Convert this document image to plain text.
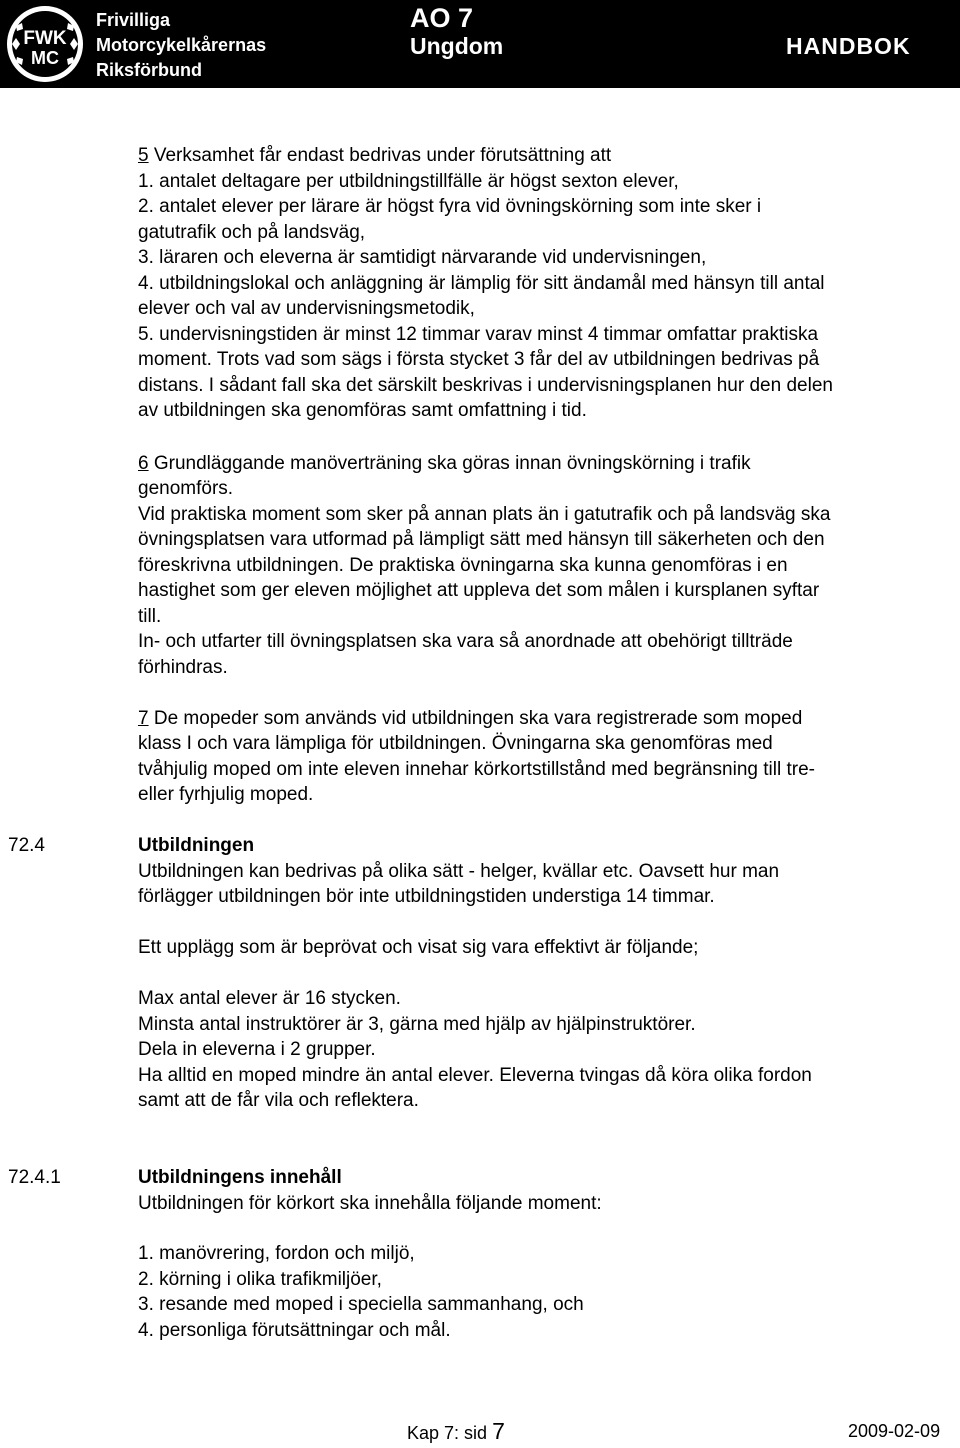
FWK
MC
Frivilliga
Motorcykelkårernas
Riksförbund
AO 7
Ungdom	HANDBOK
5 Verksamhet får endast bedrivas under förutsättning att
1. antalet deltagare per utbildningstillfälle är högst sexton elever,
2. antalet elever per lärare är högst fyra vid övningskörning som inte sker i
gatutrafik och på landsväg,
3. läraren och eleverna är samtidigt närvarande vid undervisningen,
4. utbildningslokal och anläggning är lämplig för sitt ändamål med hänsyn till antal
elever och val av undervisningsmetodik,
5. undervisningstiden är minst 12 timmar varav minst 4 timmar omfattar praktiska
moment. Trots vad som sägs i första stycket 3 får del av utbildningen bedrivas på
distans. I sådant fall ska det särskilt beskrivas i undervisningsplanen hur den delen
av utbildningen ska genomföras samt omfattning i tid.
6 Grundläggande manöverträning ska göras innan övningskörning i trafik
genomförs.
Vid praktiska moment som sker på annan plats än i gatutrafik och på landsväg ska
övningsplatsen vara utformad på lämpligt sätt med hänsyn till säkerheten och den
föreskrivna utbildningen. De praktiska övningarna ska kunna genomföras i en
hastighet som ger eleven möjlighet att uppleva det som målen i kursplanen syftar
till.
In- och utfarter till övningsplatsen ska vara så anordnade att obehörigt tillträde
förhindras.
7 De mopeder som används vid utbildningen ska vara registrerade som moped
klass I och vara lämpliga för utbildningen. Övningarna ska genomföras med
tvåhjulig moped om inte eleven innehar körkortstillstånd med begränsning till tre-
eller fyrhjulig moped.
72.4	Utbildningen
Utbildningen kan bedrivas på olika sätt - helger, kvällar etc. Oavsett hur man
förlägger utbildningen bör inte utbildningstiden understiga 14 timmar.
Ett upplägg som är beprövat och visat sig vara effektivt är följande;
Max antal elever är 16 stycken.
Minsta antal instruktörer är 3, gärna med hjälp av hjälpinstruktörer.
Dela in eleverna i 2 grupper.
Ha alltid en moped mindre än antal elever. Eleverna tvingas då köra olika fordon
samt att de får vila och reflektera.
72.4.1	Utbildningens innehåll
Utbildningen för körkort ska innehålla följande moment:
1. manövrering, fordon och miljö,
2. körning i olika trafikmiljöer,
3. resande med moped i speciella sammanhang, och
4. personliga förutsättningar och mål.
Kap 7: sid 7	2009-02-09
